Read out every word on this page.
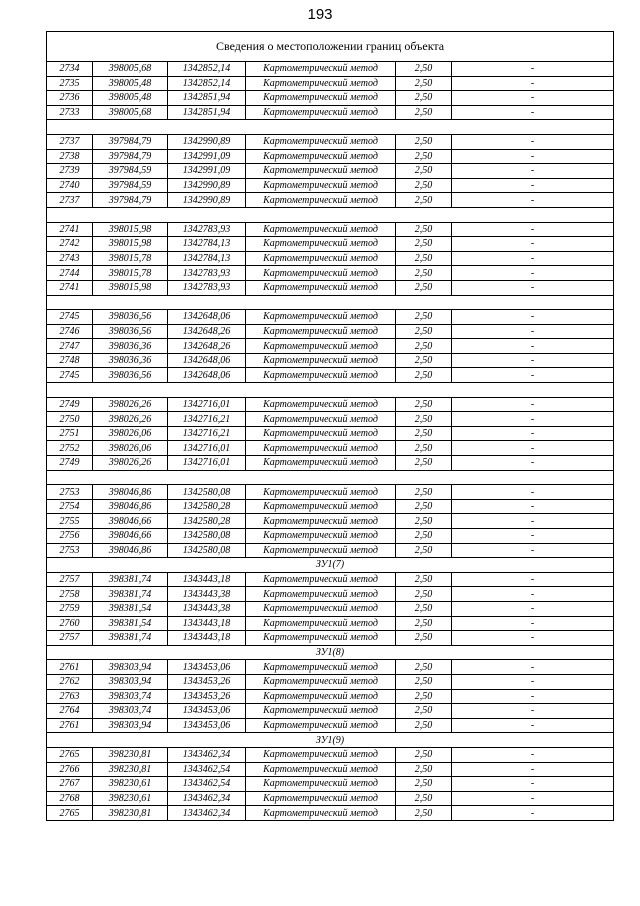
193
Сведения о местоположении границ объекта					
2734	398005,68	1342852,14	Картометрический метод	2,50	-
2735	398005,48	1342852,14	Картометрический метод	2,50	-
2736	398005,48	1342851,94	Картометрический метод	2,50	-
2733	398005,68	1342851,94	Картометрический метод	2,50	-

2737	397984,79	1342990,89	Картометрический метод	2,50	-
2738	397984,79	1342991,09	Картометрический метод	2,50	-
2739	397984,59	1342991,09	Картометрический метод	2,50	-
2740	397984,59	1342990,89	Картометрический метод	2,50	-
2737	397984,79	1342990,89	Картометрический метод	2,50	-

2741	398015,98	1342783,93	Картометрический метод	2,50	-
2742	398015,98	1342784,13	Картометрический метод	2,50	-
2743	398015,78	1342784,13	Картометрический метод	2,50	-
2744	398015,78	1342783,93	Картометрический метод	2,50	-
2741	398015,98	1342783,93	Картометрический метод	2,50	-

2745	398036,56	1342648,06	Картометрический метод	2,50	-
2746	398036,56	1342648,26	Картометрический метод	2,50	-
2747	398036,36	1342648,26	Картометрический метод	2,50	-
2748	398036,36	1342648,06	Картометрический метод	2,50	-
2745	398036,56	1342648,06	Картометрический метод	2,50	-

2749	398026,26	1342716,01	Картометрический метод	2,50	-
2750	398026,26	1342716,21	Картометрический метод	2,50	-
2751	398026,06	1342716,21	Картометрический метод	2,50	-
2752	398026,06	1342716,01	Картометрический метод	2,50	-
2749	398026,26	1342716,01	Картометрический метод	2,50	-

2753	398046,86	1342580,08	Картометрический метод	2,50	-
2754	398046,86	1342580,28	Картометрический метод	2,50	-
2755	398046,66	1342580,28	Картометрический метод	2,50	-
2756	398046,66	1342580,08	Картометрический метод	2,50	-
2753	398046,86	1342580,08	Картометрический метод	2,50	-
ЗУ1(7)					
2757	398381,74	1343443,18	Картометрический метод	2,50	-
2758	398381,74	1343443,38	Картометрический метод	2,50	-
2759	398381,54	1343443,38	Картометрический метод	2,50	-
2760	398381,54	1343443,18	Картометрический метод	2,50	-
2757	398381,74	1343443,18	Картометрический метод	2,50	-
ЗУ1(8)					
2761	398303,94	1343453,06	Картометрический метод	2,50	-
2762	398303,94	1343453,26	Картометрический метод	2,50	-
2763	398303,74	1343453,26	Картометрический метод	2,50	-
2764	398303,74	1343453,06	Картометрический метод	2,50	-
2761	398303,94	1343453,06	Картометрический метод	2,50	-
ЗУ1(9)					
2765	398230,81	1343462,34	Картометрический метод	2,50	-
2766	398230,81	1343462,54	Картометрический метод	2,50	-
2767	398230,61	1343462,54	Картометрический метод	2,50	-
2768	398230,61	1343462,34	Картометрический метод	2,50	-
2765	398230,81	1343462,34	Картометрический метод	2,50	-
